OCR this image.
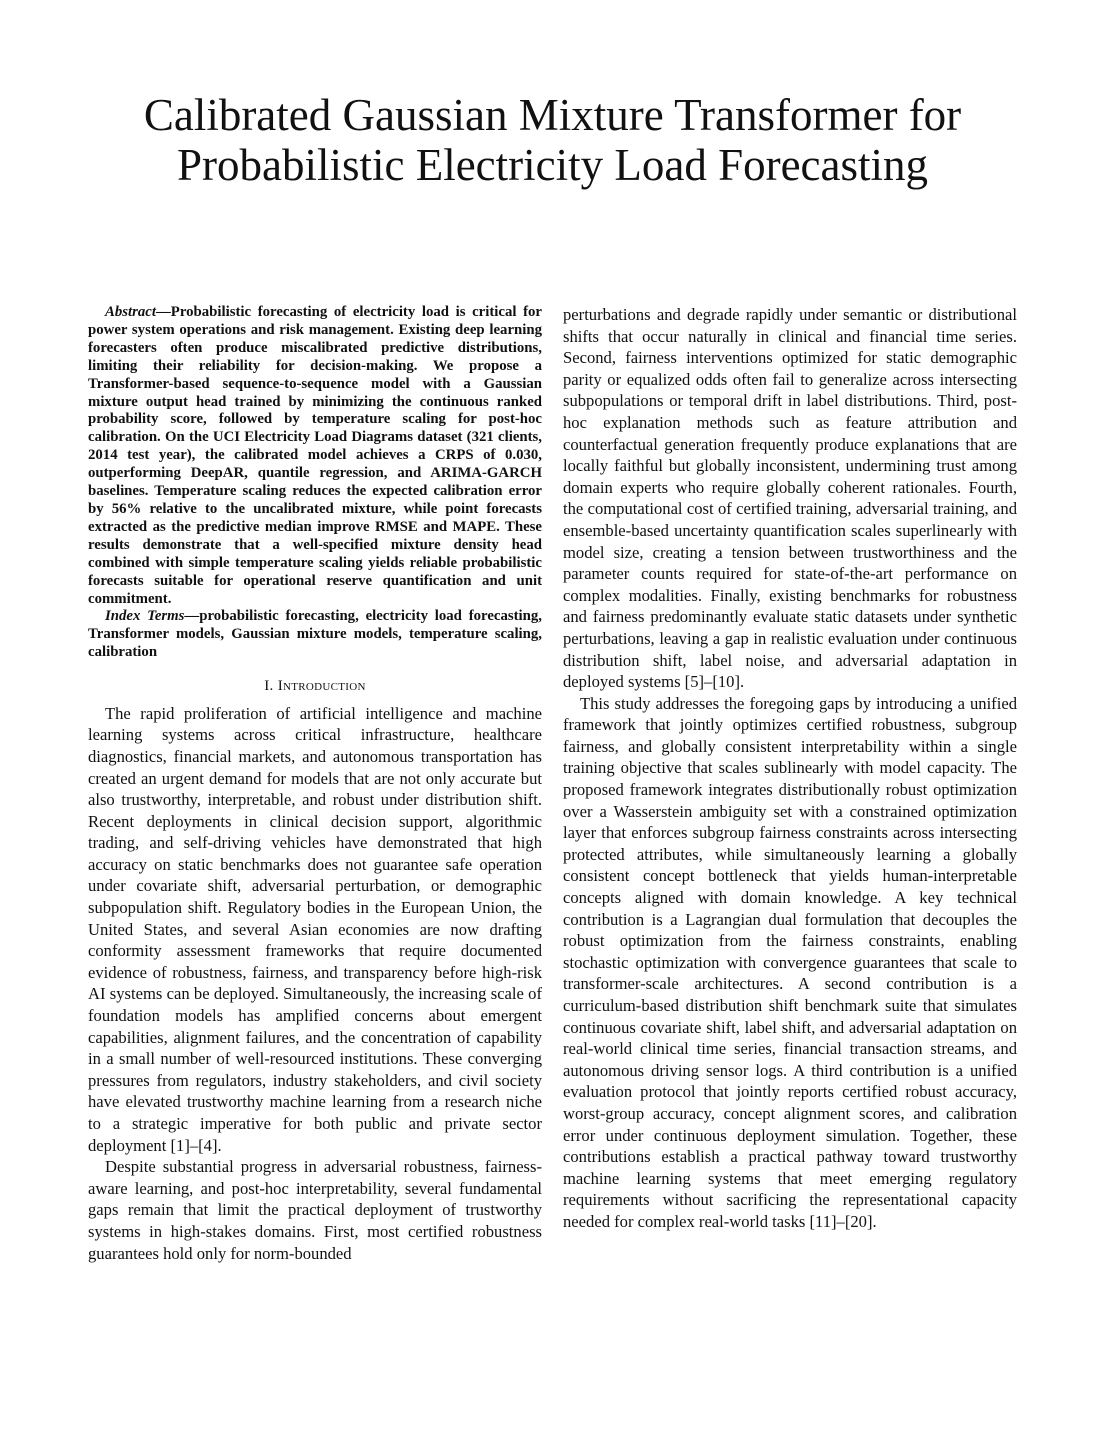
Calibrated Gaussian Mixture Transformer for
Probabilistic Electricity Load Forecasting

Abstract—Probabilistic forecasting of electricity load is critical for power system operations and risk management. Existing deep learning forecasters often produce miscalibrated predictive distributions, limiting their reliability for decision-making. We propose a Transformer-based sequence-to-sequence model with a Gaussian mixture output head trained by minimizing the continuous ranked probability score, followed by temperature scaling for post-hoc calibration. On the UCI Electricity Load Diagrams dataset (321 clients, 2014 test year), the calibrated model achieves a CRPS of 0.030, outperforming DeepAR, quantile regression, and ARIMA-GARCH baselines. Temperature scaling reduces the expected calibration error by 56% relative to the uncalibrated mixture, while point forecasts extracted as the predictive median improve RMSE and MAPE. These results demonstrate that a well-specified mixture density head combined with simple temperature scaling yields reliable probabilistic forecasts suitable for operational reserve quantification and unit commitment.

Index Terms—probabilistic forecasting, electricity load forecasting, Transformer models, Gaussian mixture models, temperature scaling, calibration

I. Introduction

The rapid proliferation of artificial intelligence and machine learning systems across critical infrastructure, healthcare diagnostics, financial markets, and autonomous transportation has created an urgent demand for models that are not only accurate but also trustworthy, interpretable, and robust under distribution shift. Recent deployments in clinical decision support, algorithmic trading, and self-driving vehicles have demonstrated that high accuracy on static benchmarks does not guarantee safe operation under covariate shift, adversarial perturbation, or demographic subpopulation shift. Regulatory bodies in the European Union, the United States, and several Asian economies are now drafting conformity assessment frameworks that require documented evidence of robustness, fairness, and transparency before high-risk AI systems can be deployed. Simultaneously, the increasing scale of foundation models has amplified concerns about emergent capabilities, alignment failures, and the concentration of capability in a small number of well-resourced institutions. These converging pressures from regulators, industry stakeholders, and civil society have elevated trustworthy machine learning from a research niche to a strategic imperative for both public and private sector deployment [1]–[4].

Despite substantial progress in adversarial robustness, fairness-aware learning, and post-hoc interpretability, several fundamental gaps remain that limit the practical deployment of trustworthy systems in high-stakes domains. First, most certified robustness guarantees hold only for norm-bounded

perturbations and degrade rapidly under semantic or distributional shifts that occur naturally in clinical and financial time series. Second, fairness interventions optimized for static demographic parity or equalized odds often fail to generalize across intersecting subpopulations or temporal drift in label distributions. Third, post-hoc explanation methods such as feature attribution and counterfactual generation frequently produce explanations that are locally faithful but globally inconsistent, undermining trust among domain experts who require globally coherent rationales. Fourth, the computational cost of certified training, adversarial training, and ensemble-based uncertainty quantification scales superlinearly with model size, creating a tension between trustworthiness and the parameter counts required for state-of-the-art performance on complex modalities. Finally, existing benchmarks for robustness and fairness predominantly evaluate static datasets under synthetic perturbations, leaving a gap in realistic evaluation under continuous distribution shift, label noise, and adversarial adaptation in deployed systems [5]–[10].

This study addresses the foregoing gaps by introducing a unified framework that jointly optimizes certified robustness, subgroup fairness, and globally consistent interpretability within a single training objective that scales sublinearly with model capacity. The proposed framework integrates distributionally robust optimization over a Wasserstein ambiguity set with a constrained optimization layer that enforces subgroup fairness constraints across intersecting protected attributes, while simultaneously learning a globally consistent concept bottleneck that yields human-interpretable concepts aligned with domain knowledge. A key technical contribution is a Lagrangian dual formulation that decouples the robust optimization from the fairness constraints, enabling stochastic optimization with convergence guarantees that scale to transformer-scale architectures. A second contribution is a curriculum-based distribution shift benchmark suite that simulates continuous covariate shift, label shift, and adversarial adaptation on real-world clinical time series, financial transaction streams, and autonomous driving sensor logs. A third contribution is a unified evaluation protocol that jointly reports certified robust accuracy, worst-group accuracy, concept alignment scores, and calibration error under continuous deployment simulation. Together, these contributions establish a practical pathway toward trustworthy machine learning systems that meet emerging regulatory requirements without sacrificing the representational capacity needed for complex real-world tasks [11]–[20].
